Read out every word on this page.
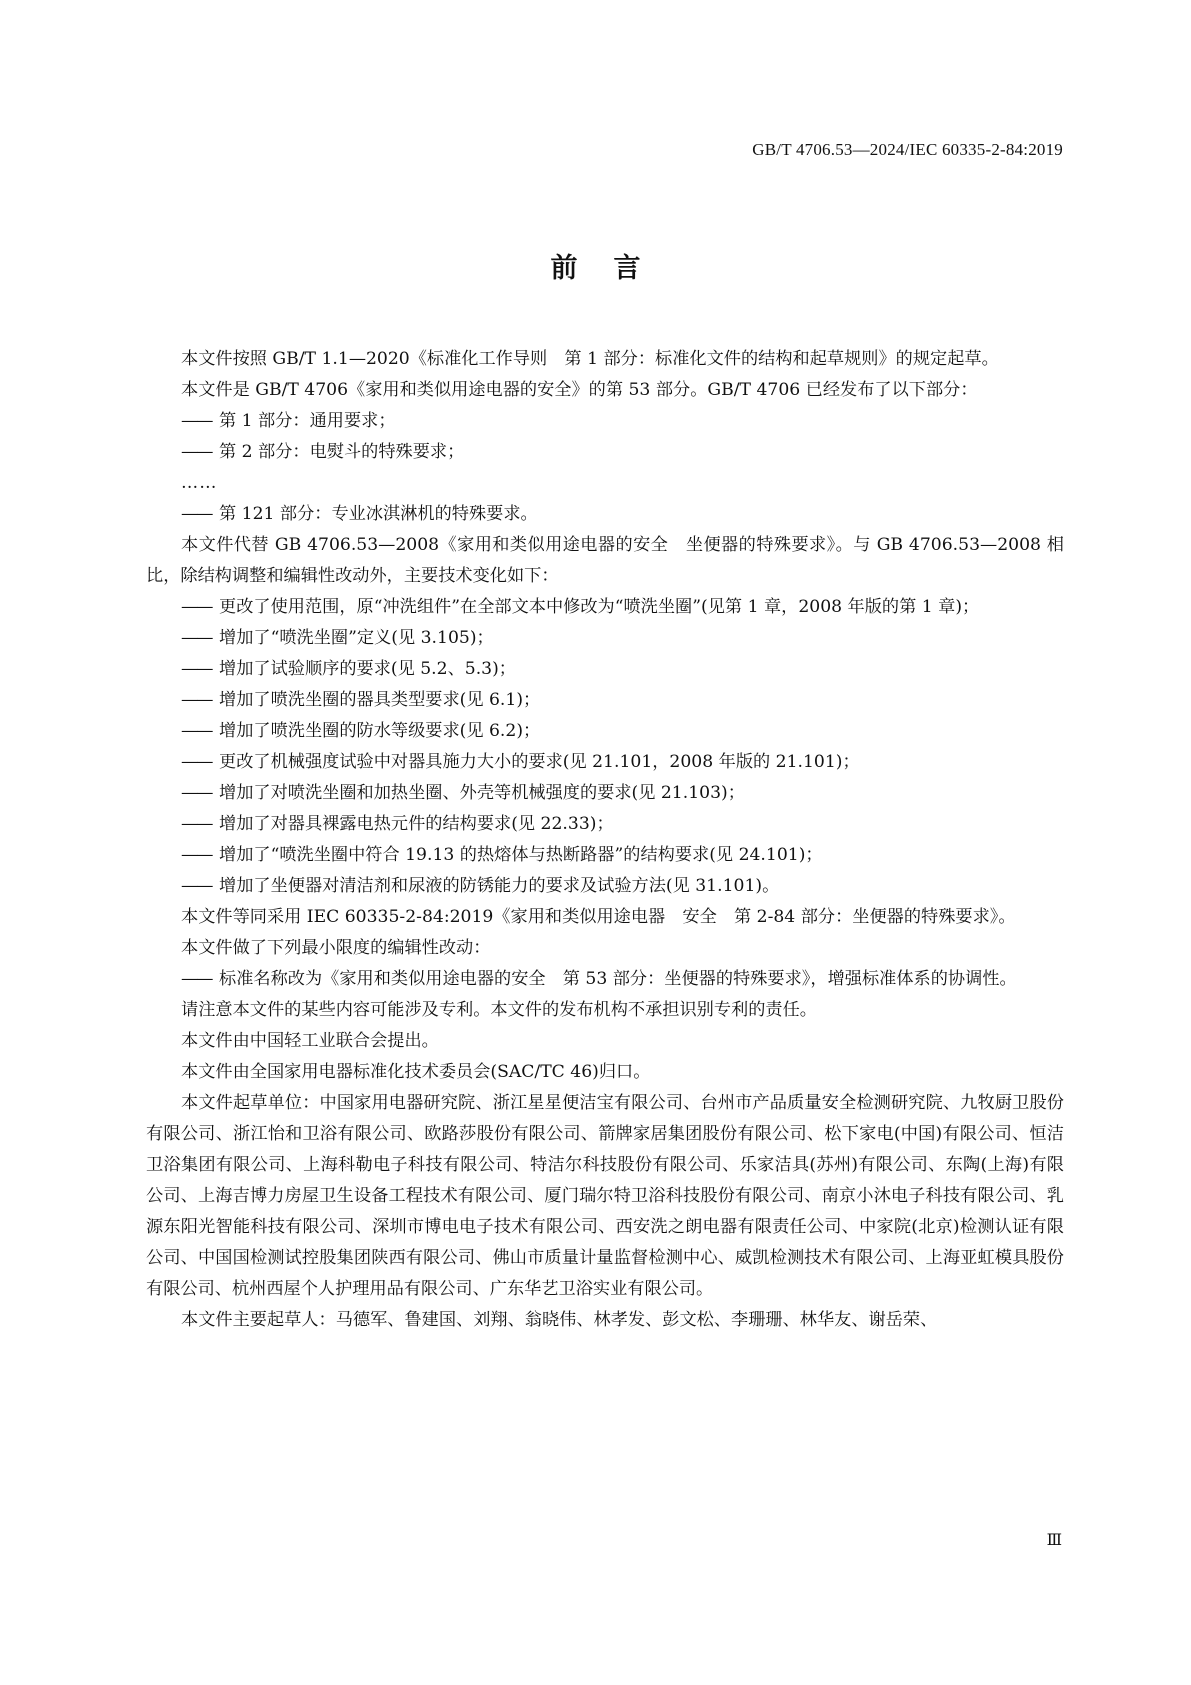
GB/T 4706.53—2024/IEC 60335-2-84:2019
前言

本文件按照 GB/T 1.1—2020《标准化工作导则　第 1 部分：标准化文件的结构和起草规则》的规定起草。

本文件是 GB/T 4706《家用和类似用途电器的安全》的第 53 部分。GB/T 4706 已经发布了以下部分：

—— 第 1 部分：通用要求；
—— 第 2 部分：电熨斗的特殊要求；

……

—— 第 121 部分：专业冰淇淋机的特殊要求。

本文件代替 GB 4706.53—2008《家用和类似用途电器的安全　坐便器的特殊要求》。与 GB 4706.53—2008 相比，除结构调整和编辑性改动外，主要技术变化如下：

—— 更改了使用范围，原“冲洗组件”在全部文本中修改为“喷洗坐圈”(见第 1 章，2008 年版的第 1 章)；
—— 增加了“喷洗坐圈”定义(见 3.105)；
—— 增加了试验顺序的要求(见 5.2、5.3)；
—— 增加了喷洗坐圈的器具类型要求(见 6.1)；
—— 增加了喷洗坐圈的防水等级要求(见 6.2)；
—— 更改了机械强度试验中对器具施力大小的要求(见 21.101，2008 年版的 21.101)；
—— 增加了对喷洗坐圈和加热坐圈、外壳等机械强度的要求(见 21.103)；
—— 增加了对器具裸露电热元件的结构要求(见 22.33)；
—— 增加了“喷洗坐圈中符合 19.13 的热熔体与热断路器”的结构要求(见 24.101)；
—— 增加了坐便器对清洁剂和尿液的防锈能力的要求及试验方法(见 31.101)。

本文件等同采用 IEC 60335-2-84:2019《家用和类似用途电器　安全　第 2-84 部分：坐便器的特殊要求》。

本文件做了下列最小限度的编辑性改动：

—— 标准名称改为《家用和类似用途电器的安全　第 53 部分：坐便器的特殊要求》，增强标准体系的协调性。

请注意本文件的某些内容可能涉及专利。本文件的发布机构不承担识别专利的责任。

本文件由中国轻工业联合会提出。

本文件由全国家用电器标准化技术委员会(SAC/TC 46)归口。

本文件起草单位：中国家用电器研究院、浙江星星便洁宝有限公司、台州市产品质量安全检测研究院、九牧厨卫股份有限公司、浙江怡和卫浴有限公司、欧路莎股份有限公司、箭牌家居集团股份有限公司、松下家电(中国)有限公司、恒洁卫浴集团有限公司、上海科勒电子科技有限公司、特洁尔科技股份有限公司、乐家洁具(苏州)有限公司、东陶(上海)有限公司、上海吉博力房屋卫生设备工程技术有限公司、厦门瑞尔特卫浴科技股份有限公司、南京小沐电子科技有限公司、乳源东阳光智能科技有限公司、深圳市博电电子技术有限公司、西安洗之朗电器有限责任公司、中家院(北京)检测认证有限公司、中国国检测试控股集团陕西有限公司、佛山市质量计量监督检测中心、威凯检测技术有限公司、上海亚虹模具股份有限公司、杭州西屋个人护理用品有限公司、广东华艺卫浴实业有限公司。

本文件主要起草人：马德军、鲁建国、刘翔、翁晓伟、林孝发、彭文松、李珊珊、林华友、谢岳荣、

Ⅲ
